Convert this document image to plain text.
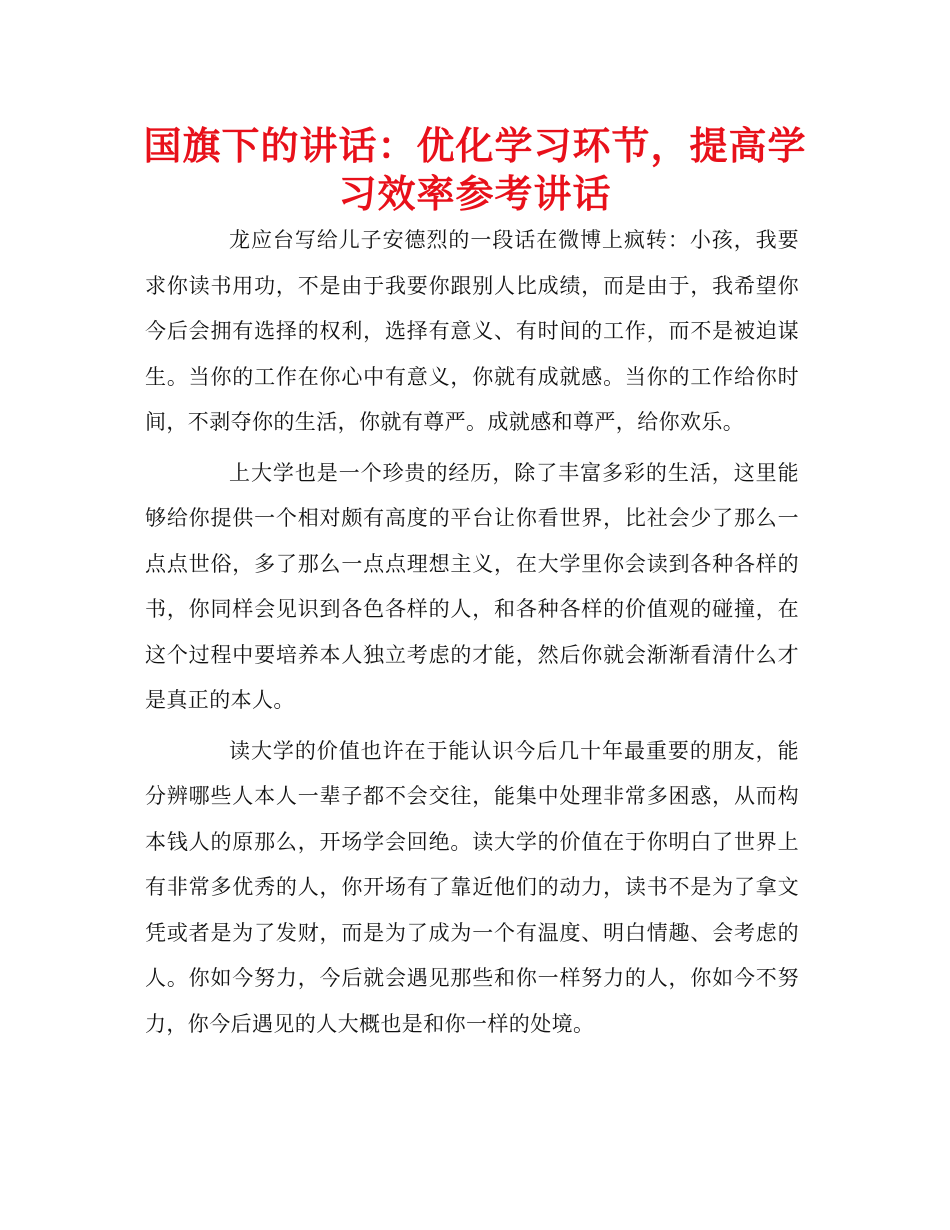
国旗下的讲话：优化学习环节，提高学习效率参考讲话

龙应台写给儿子安德烈的一段话在微博上疯转：小孩，我要求你读书用功，不是由于我要你跟别人比成绩，而是由于，我希望你今后会拥有选择的权利，选择有意义、有时间的工作，而不是被迫谋生。当你的工作在你心中有意义，你就有成就感。当你的工作给你时间，不剥夺你的生活，你就有尊严。成就感和尊严，给你欢乐。

上大学也是一个珍贵的经历，除了丰富多彩的生活，这里能够给你提供一个相对颇有高度的平台让你看世界，比社会少了那么一点点世俗，多了那么一点点理想主义，在大学里你会读到各种各样的书，你同样会见识到各色各样的人，和各种各样的价值观的碰撞，在这个过程中要培养本人独立考虑的才能，然后你就会渐渐看清什么才是真正的本人。

读大学的价值也许在于能认识今后几十年最重要的朋友，能分辨哪些人本人一辈子都不会交往，能集中处理非常多困惑，从而构本钱人的原那么，开场学会回绝。读大学的价值在于你明白了世界上有非常多优秀的人，你开场有了靠近他们的动力，读书不是为了拿文凭或者是为了发财，而是为了成为一个有温度、明白情趣、会考虑的人。你如今努力，今后就会遇见那些和你一样努力的人，你如今不努力，你今后遇见的人大概也是和你一样的处境。
